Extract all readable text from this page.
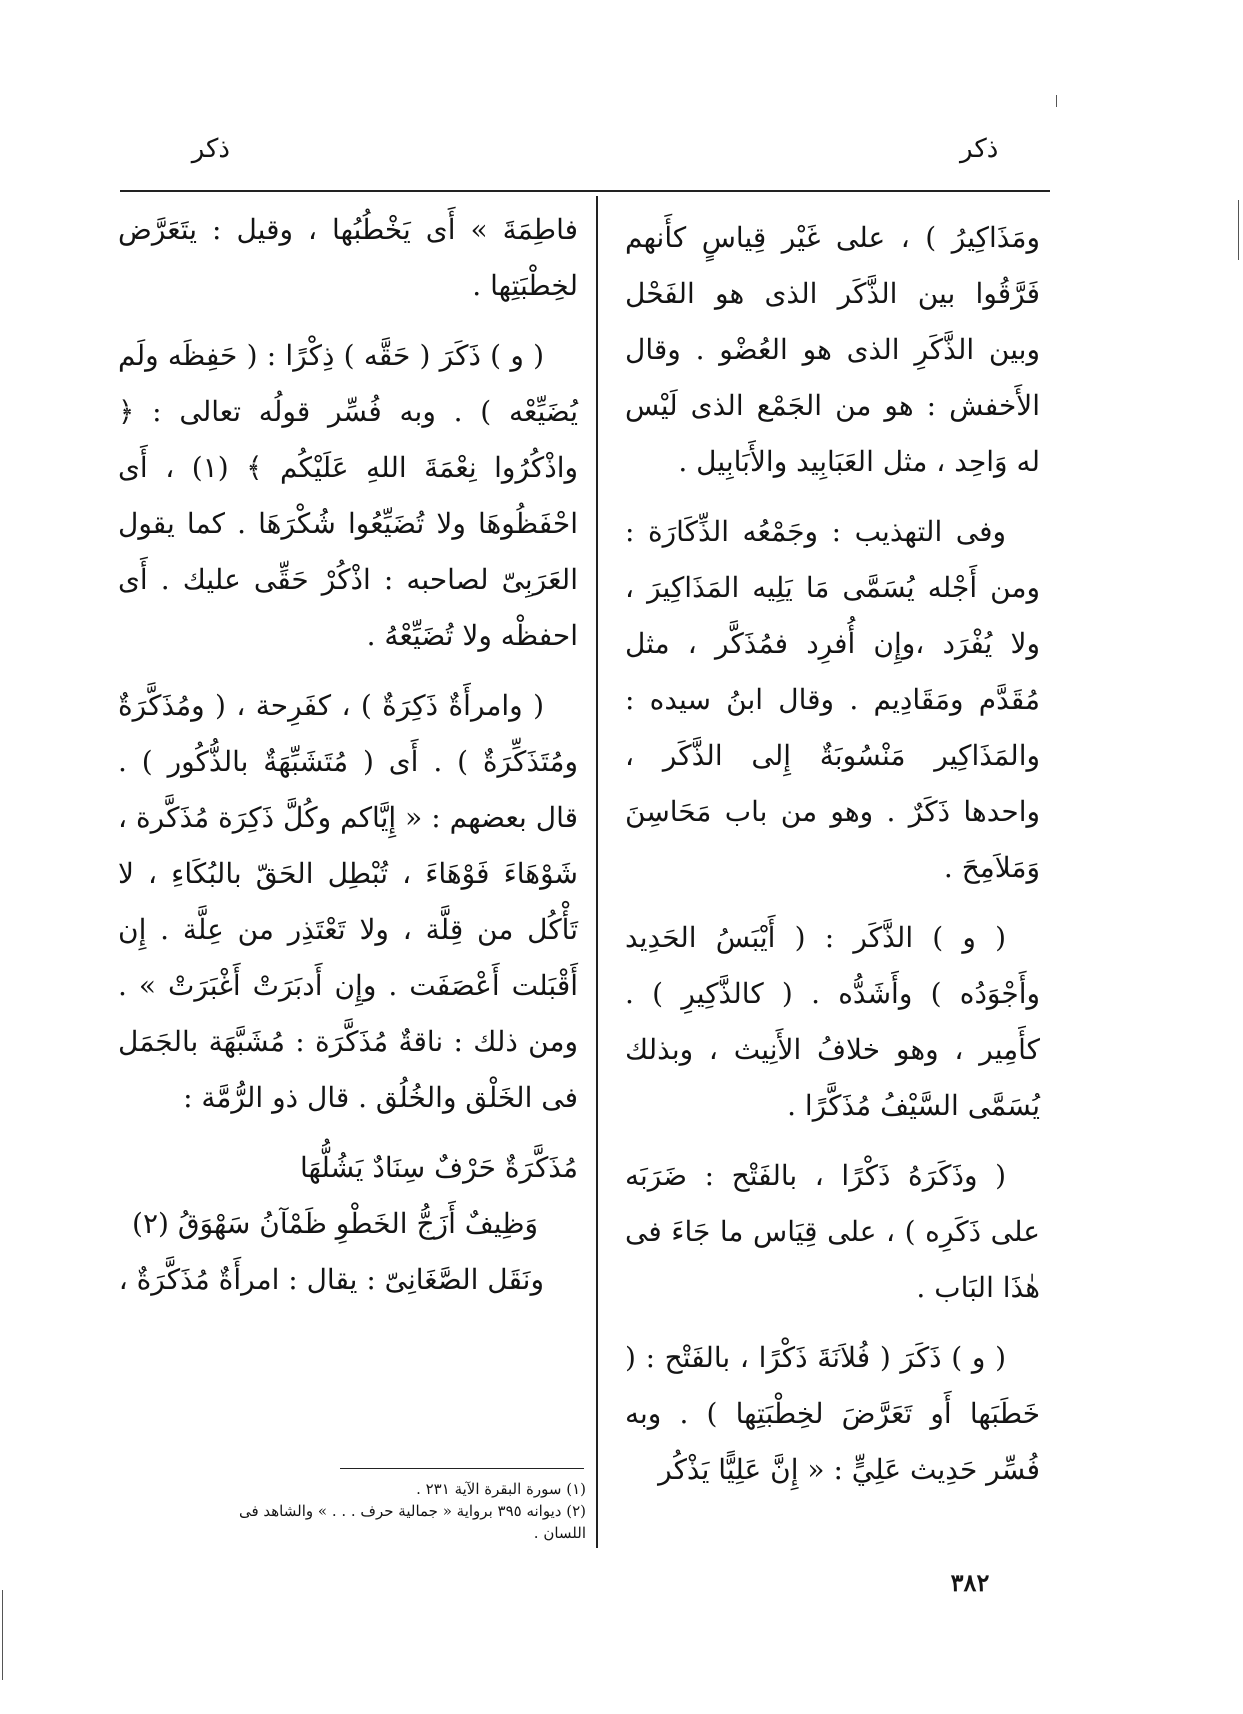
ذكر
ذكر

ومَذَاكِيرُ ) ، على غَيْر قِياسٍ كأَنهم فَرَّقُوا بين الذَّكَر الذى هو الفَحْل وبين الذَّكَرِ الذى هو العُضْو . وقال الأَخفش : هو من الجَمْع الذى لَيْس له وَاحِد ، مثل العَبَابِيد والأَبَابِيل .

وفى التهذيب : وجَمْعُه الذِّكَارَة : ومن أَجْله يُسَمَّى مَا يَلِيه المَذَاكِيرَ ، ولا يُفْرَد ،وإِن أُفرِد فمُذَكَّر ، مثل مُقَدَّم ومَقَادِيم . وقال ابنُ سيده : والمَذَاكِير مَنْسُوبَةٌ إِلى الذَّكَر ، واحدها ذَكَرٌ . وهو من باب مَحَاسِنَ وَمَلاَمِحَ .

( و ) الذَّكَر : ( أَيْبَسُ الحَدِيد وأَجْوَدُه ) وأَشَدُّه . ( كالذَّكِيرِ ) . كأَمِير ، وهو خلافُ الأَنِيث ، وبذلك يُسَمَّى السَّيْفُ مُذَكَّرًا .

( وذَكَرَهُ ذَكْرًا ، بالفَتْح : ضَرَبَه على ذَكَرِه ) ، على قِيَاس ما جَاءَ فى هٰذَا البَاب .

( و ) ذَكَرَ ( فُلاَنَةَ ذَكْرًا ، بالفَتْح : ( خَطَبَها أَو تَعَرَّضَ لخِطْبَتِها ) . وبه فُسِّر حَدِيث عَلِيٍّ : « إِنَّ عَلِيًّا يَذْكُر

فاطِمَةَ » أَى يَخْطُبُها ، وقيل : يتَعَرَّض لخِطْبَتِها .

( و ) ذَكَرَ ( حَقَّه ) ذِكْرًا : ( حَفِظَه ولَم يُضَيِّعْه ) . وبه فُسِّر قولُه تعالى : ﴿ واذْكُرُوا نِعْمَةَ اللهِ عَلَيْكُم ﴾ (١) ، أَى احْفَظُوهَا ولا تُضَيِّعُوا شُكْرَهَا . كما يقول العَرَبِىّ لصاحبه : اذْكُرْ حَقِّى عليك . أَى احفظْه ولا تُضَيِّعْهُ .

( وامرأَةٌ ذَكِرَةٌ ) ، كفَرِحة ، ( ومُذَكَّرَةٌ ومُتَذَكِّرَةٌ ) . أَى ( مُتَشَبِّهَةٌ بالذُّكُور ) . قال بعضهم : « إِيَّاكم وكُلَّ ذَكِرَة مُذَكَّرة ، شَوْهَاءَ فَوْهَاءَ ، تُبْطِل الحَقّ بالبُكَاءِ ، لا تَأْكُل من قِلَّة ، ولا تَعْتَذِر من عِلَّة . إِن أَقْبَلت أَعْصَفَت . وإِن أَدبَرَتْ أَغْبَرَتْ » . ومن ذلك : ناقةٌ مُذَكَّرَة : مُشَبَّهَة بالجَمَل فى الخَلْق والخُلُق . قال ذو الرُّمَّة :

مُذَكَّرَةٌ حَرْفٌ سِنَادٌ يَشُلُّهَا

وَظِيفٌ أَزَجُّ الخَطْوِ ظَمْآنُ سَهْوَقُ (٢)

ونَقَل الصَّغَانِىّ : يقال : امرأَةٌ مُذَكَّرَةٌ ،

(١) سورة البقرة الآية ٢٣١ .

(٢) ديوانه ٣٩٥ برواية « جمالية حرف . . . » والشاهد فى اللسان .

٣٨٢
